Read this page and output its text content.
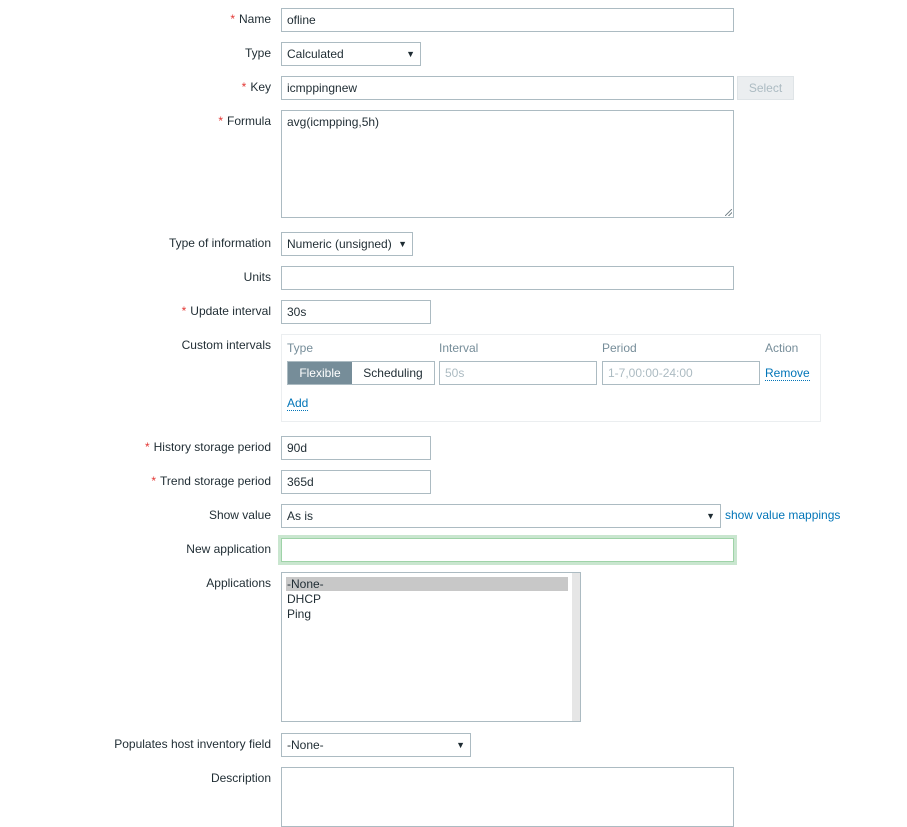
* Name	ofline
Type	Calculated	▼
* Key	icmppingnew	Select
* Formula	avg(icmpping,5h)
Type of information	Numeric (unsigned) ▼
Units
* Update interval	30s
Custom intervals Type	Interval	Period	Action
Flexible	Scheduling	50s	1-7,00:00-24:00	Remove
Add
* History storage period	90d
* Trend storage period	365d
Show value	As is	▼ show value mappings
New application
Applications -None-
DHCP
Ping
Populates host inventory field	-None-	▼
Description
